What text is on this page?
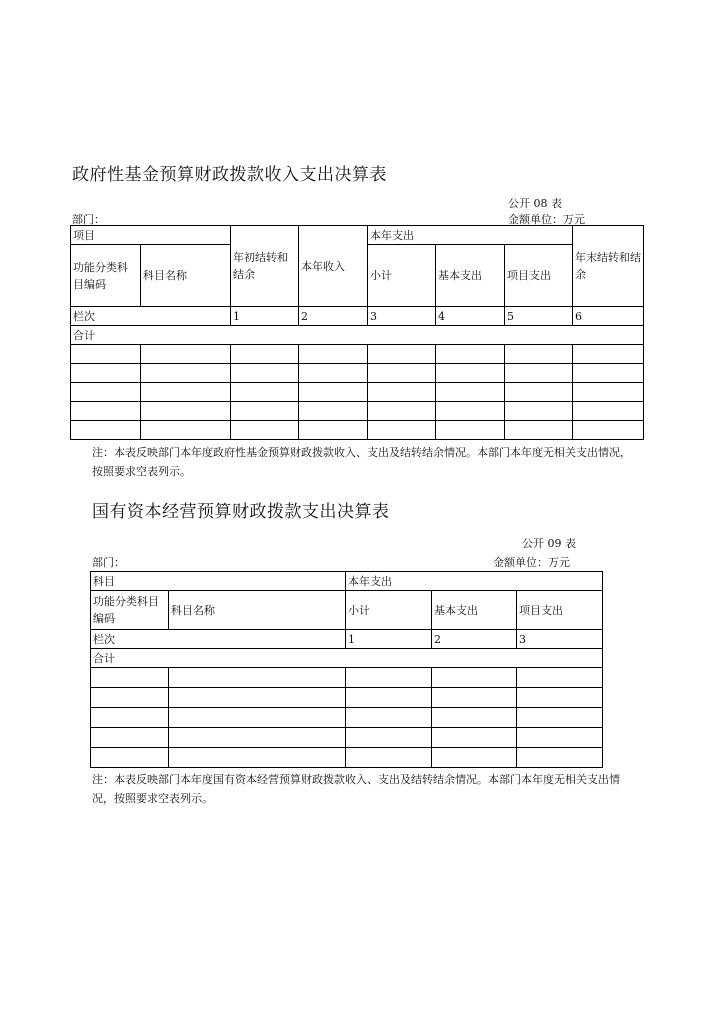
政府性基金预算财政拨款收入支出决算表
公开 08 表
部门：	金额单位：万元
项目		年初结转和结余	本年收入	本年支出			年末结转和结余
功能分类科目编码	科目名称			小计	基本支出	项目支出	
栏次		1	2	3	4	5	6
合计							

注：本表反映部门本年度政府性基金预算财政拨款收入、支出及结转结余情况。本部门本年度无相关支出情况，按照要求空表列示。
国有资本经营预算财政拨款支出决算表
公开 09 表
部门：	金额单位：万元
科目		本年支出		
功能分类科目编码	科目名称	小计	基本支出	项目支出
栏次		1	2	3
合计				

注：本表反映部门本年度国有资本经营预算财政拨款收入、支出及结转结余情况。本部门本年度无相关支出情况，按照要求空表列示。
